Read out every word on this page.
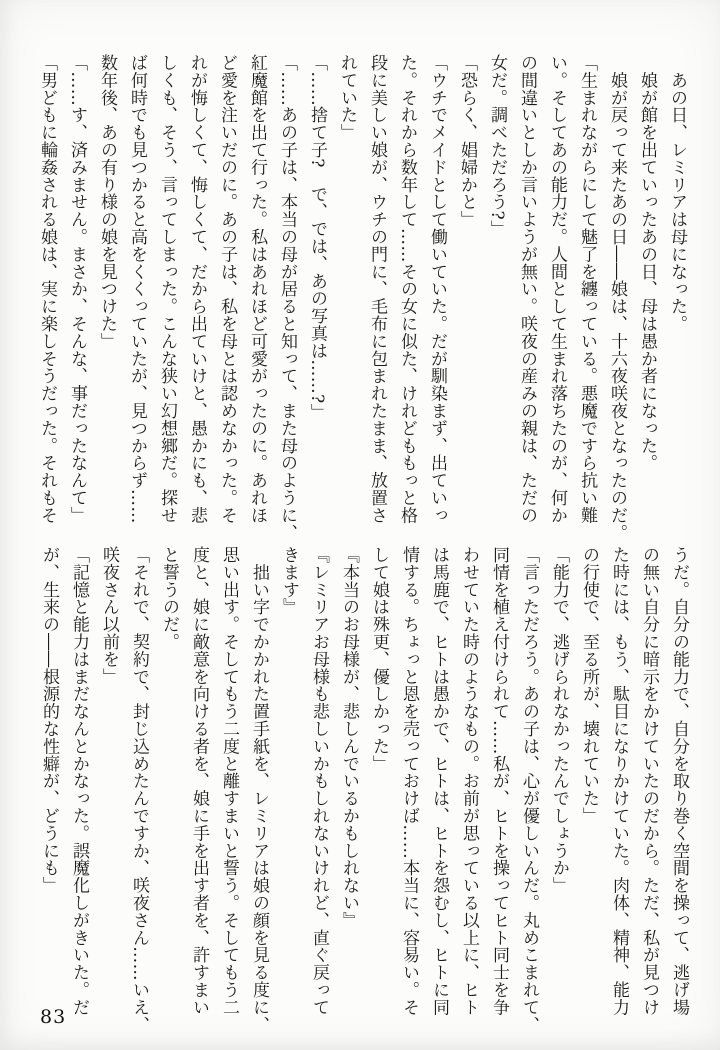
　あの日、レミリアは母になった。

　娘が館を出ていったあの日、母は愚か者になった。

　娘が戻って来たあの日――娘は、十六夜咲夜となったのだ。

「生まれながらにして魅了を纏っている。悪魔ですら抗い難

い。そしてあの能力だ。人間として生まれ落ちたのが、何か

の間違いとしか言いようが無い。咲夜の産みの親は、ただの

女だ。調べただろう?」

「恐らく、娼婦かと」

「ウチでメイドとして働いていた。だが馴染まず、出ていっ

た。それから数年して……その女に似た、けれどももっと格

段に美しい娘が、ウチの門に、毛布に包まれたまま、放置さ

れていた」

「……捨て子?　で、では、あの写真は……?」

「……あの子は、本当の母が居ると知って、また母のように、

紅魔館を出て行った。私はあれほど可愛がったのに。あれほ

ど愛を注いだのに。あの子は、私を母とは認めなかった。そ

れが悔しくて、悔しくて、だから出ていけと、愚かにも、悲

しくも、そう、言ってしまった。こんな狭い幻想郷だ。探せ

ば何時でも見つかると高をくくっていたが、見つからず……

数年後、あの有り様の娘を見つけた」

「……す、済みません。まさか、そんな、事だったなんて」

「男どもに輪姦される娘は、実に楽しそうだった。それもそ

うだ。自分の能力で、自分を取り巻く空間を操って、逃げ場

の無い自分に暗示をかけていたのだから。ただ、私が見つけ

た時には、もう、駄目になりかけていた。肉体、精神、能力

の行使で、至る所が、壊れていた」

「能力で、逃げられなかったんでしょうか」

「言っただろう。あの子は、心が優しいんだ。丸めこまれて、

同情を植え付けられて……私が、ヒトを操ってヒト同士を争

わせていた時のようなもの。お前が思っている以上に、ヒト

は馬鹿で、ヒトは愚かで、ヒトは、ヒトを怨むし、ヒトに同

情する。ちょっと恩を売っておけば……本当に、容易い。そ

して娘は殊更、優しかった」

『本当のお母様が、悲しんでいるかもしれない』

『レミリアお母様も悲しいかもしれないけれど、直ぐ戻って

きます』

　拙い字でかかれた置手紙を、レミリアは娘の顔を見る度に、

思い出す。そしてもう二度と離すまいと誓う。そしてもう二

度と、娘に敵意を向ける者を、娘に手を出す者を、許すまい

と誓うのだ。

「それで、契約で、封じ込めたんですか、咲夜さん……いえ、

咲夜さん以前を」

「記憶と能力はまだなんとかなった。誤魔化しがきいた。だ

が、生来の――根源的な性癖が、どうにも」

83
